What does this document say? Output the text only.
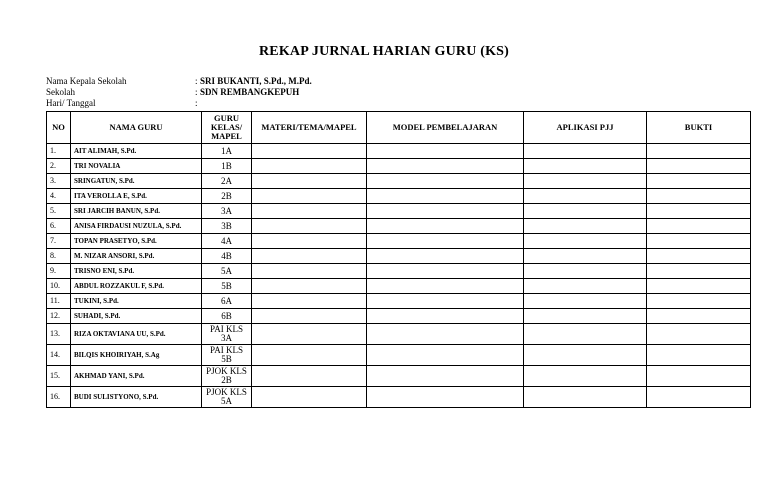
REKAP JURNAL HARIAN GURU (KS)
Nama Kepala Sekolah	: SRI BUKANTI, S.Pd., M.Pd.
Sekolah	: SDN REMBANGKEPUH
Hari/ Tanggal	:
NO	NAMA GURU	GURU KELAS/ MAPEL	MATERI/TEMA/MAPEL	MODEL PEMBELAJARAN	APLIKASI PJJ	BUKTI
1.	AIT ALIMAH, S.Pd.	1A				
2.	TRI NOVALIA	1B				
3.	SRINGATUN, S.Pd.	2A				
4.	ITA VEROLLA E, S.Pd.	2B				
5.	SRI JARCIH BANUN, S.Pd.	3A				
6.	ANISA FIRDAUSI NUZULA, S.Pd.	3B				
7.	TOPAN PRASETYO, S.Pd.	4A				
8.	M. NIZAR ANSORI, S.Pd.	4B				
9.	TRISNO ENI, S.Pd.	5A				
10.	ABDUL ROZZAKUL F, S.Pd.	5B				
11.	TUKINI, S.Pd.	6A				
12.	SUHADI, S.Pd.	6B				
13.	RIZA OKTAVIANA UU, S.Pd.	PAI KLS 3A				
14.	BILQIS KHOIRIYAH, S.Ag	PAI KLS 5B				
15.	AKHMAD YANI, S.Pd.	PJOK KLS 2B				
16.	BUDI SULISTYONO, S.Pd.	PJOK KLS 5A				
